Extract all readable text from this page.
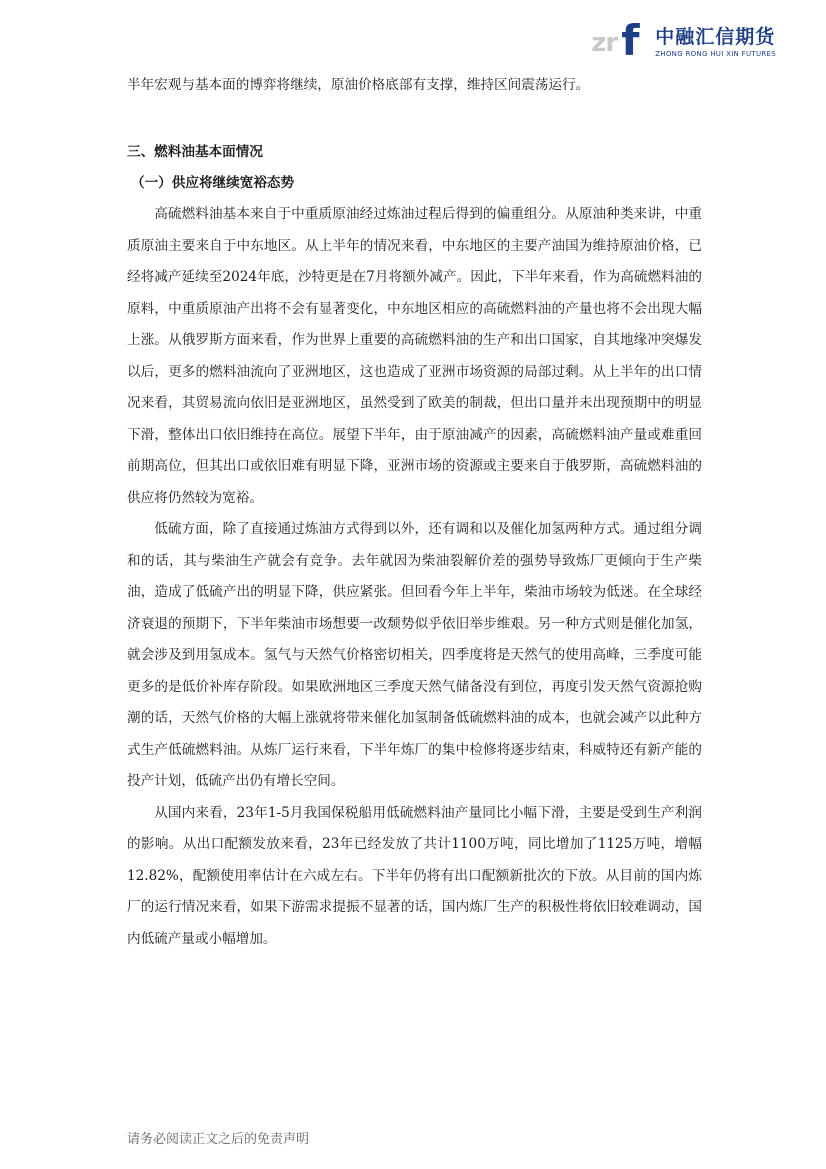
zr f 中融汇信期货
ZHONG RONG HUI XIN FUTURES
半年宏观与基本面的博弈将继续，原油价格底部有支撑，维持区间震荡运行。
三、燃料油基本面情况
（一）供应将继续宽裕态势

高硫燃料油基本来自于中重质原油经过炼油过程后得到的偏重组分。从原油种类来讲，中重质原油主要来自于中东地区。从上半年的情况来看，中东地区的主要产油国为维持原油价格，已经将减产延续至2024年底，沙特更是在7月将额外减产。因此，下半年来看，作为高硫燃料油的原料，中重质原油产出将不会有显著变化，中东地区相应的高硫燃料油的产量也将不会出现大幅上涨。从俄罗斯方面来看，作为世界上重要的高硫燃料油的生产和出口国家，自其地缘冲突爆发以后，更多的燃料油流向了亚洲地区，这也造成了亚洲市场资源的局部过剩。从上半年的出口情况来看，其贸易流向依旧是亚洲地区，虽然受到了欧美的制裁，但出口量并未出现预期中的明显下滑，整体出口依旧维持在高位。展望下半年，由于原油减产的因素，高硫燃料油产量或难重回前期高位，但其出口或依旧难有明显下降，亚洲市场的资源或主要来自于俄罗斯，高硫燃料油的供应将仍然较为宽裕。

低硫方面，除了直接通过炼油方式得到以外，还有调和以及催化加氢两种方式。通过组分调和的话，其与柴油生产就会有竞争。去年就因为柴油裂解价差的强势导致炼厂更倾向于生产柴油，造成了低硫产出的明显下降，供应紧张。但回看今年上半年，柴油市场较为低迷。在全球经济衰退的预期下，下半年柴油市场想要一改颓势似乎依旧举步维艰。另一种方式则是催化加氢，就会涉及到用氢成本。氢气与天然气价格密切相关，四季度将是天然气的使用高峰，三季度可能更多的是低价补库存阶段。如果欧洲地区三季度天然气储备没有到位，再度引发天然气资源抢购潮的话，天然气价格的大幅上涨就将带来催化加氢制备低硫燃料油的成本，也就会减产以此种方式生产低硫燃料油。从炼厂运行来看，下半年炼厂的集中检修将逐步结束，科威特还有新产能的投产计划，低硫产出仍有增长空间。

从国内来看，23年1-5月我国保税船用低硫燃料油产量同比小幅下滑，主要是受到生产利润的影响。从出口配额发放来看，23年已经发放了共计1100万吨，同比增加了1125万吨，增幅12.82%，配额使用率估计在六成左右。下半年仍将有出口配额新批次的下放。从目前的国内炼厂的运行情况来看，如果下游需求提振不显著的话，国内炼厂生产的积极性将依旧较难调动，国内低硫产量或小幅增加。

请务必阅读正文之后的免责声明
